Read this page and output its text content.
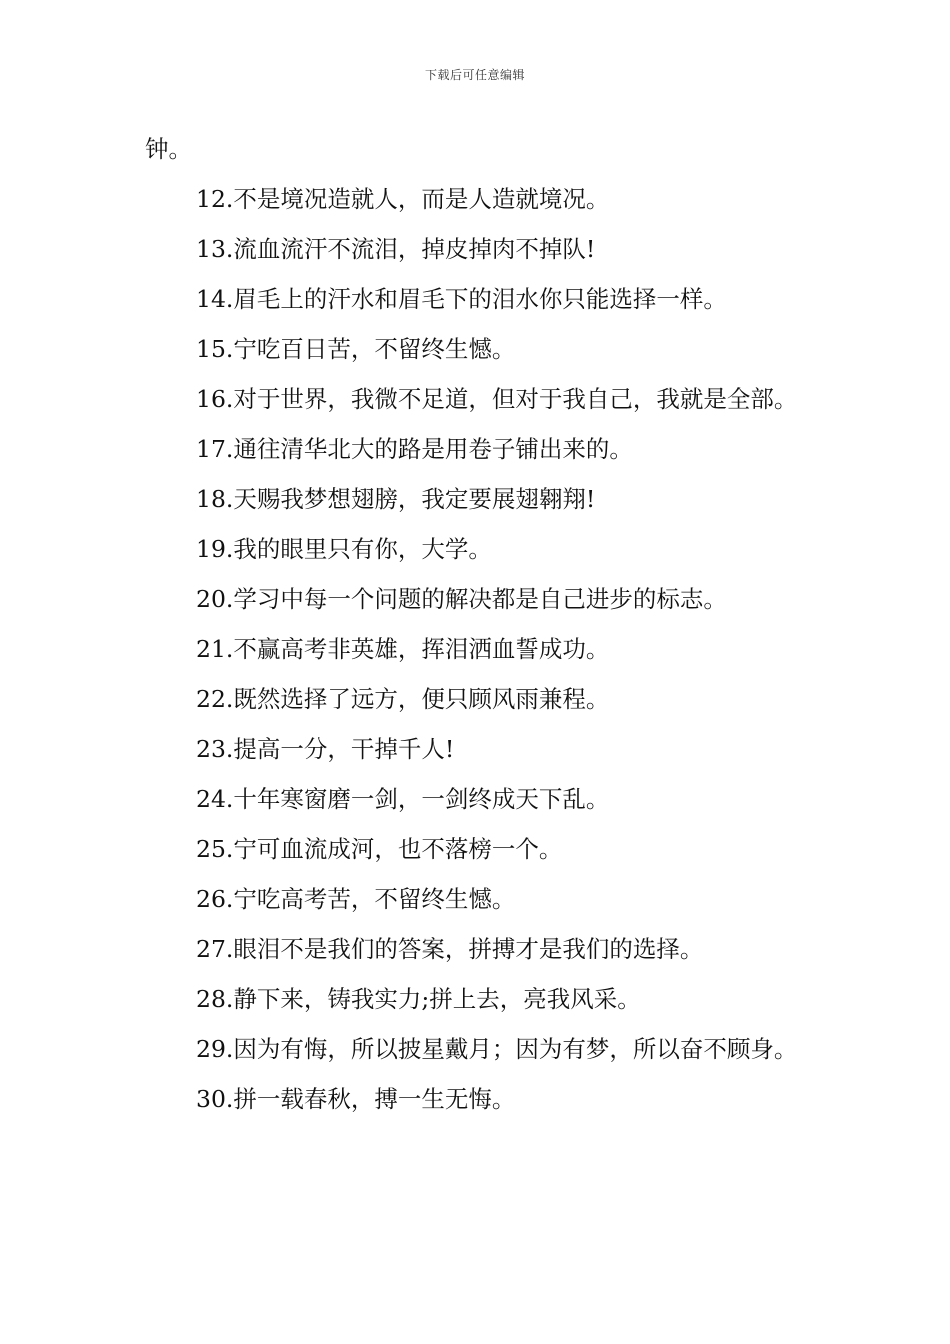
下载后可任意编辑

钟。

12.不是境况造就人，而是人造就境况。

13.流血流汗不流泪，掉皮掉肉不掉队!

14.眉毛上的汗水和眉毛下的泪水你只能选择一样。

15.宁吃百日苦，不留终生憾。

16.对于世界，我微不足道，但对于我自己，我就是全部。

17.通往清华北大的路是用卷子铺出来的。

18.天赐我梦想翅膀，我定要展翅翱翔!

19.我的眼里只有你，大学。

20.学习中每一个问题的解决都是自己进步的标志。

21.不赢高考非英雄，挥泪洒血誓成功。

22.既然选择了远方，便只顾风雨兼程。

23.提高一分，干掉千人!

24.十年寒窗磨一剑，一剑终成天下乱。

25.宁可血流成河，也不落榜一个。

26.宁吃高考苦，不留终生憾。

27.眼泪不是我们的答案，拼搏才是我们的选择。

28.静下来，铸我实力;拼上去，亮我风采。

29.因为有悔，所以披星戴月；因为有梦，所以奋不顾身。

30.拼一载春秋，搏一生无悔。
